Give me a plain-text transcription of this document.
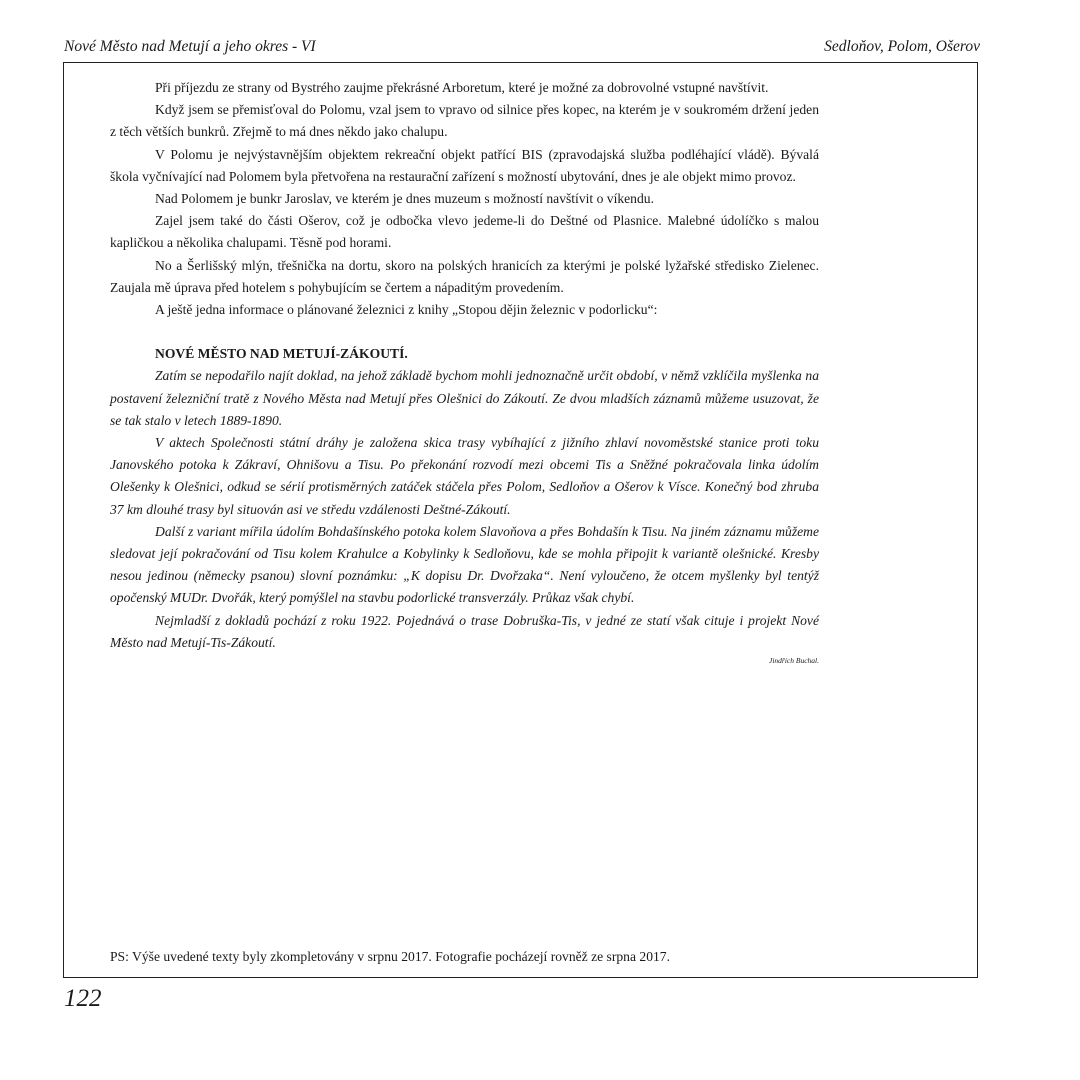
Nové Město nad Metují a jeho okres - VI	Sedloňov, Polom, Ošerov

Při příjezdu ze strany od Bystrého zaujme překrásné Arboretum, které je možné za dobrovolné vstupné navštívit.

Když jsem se přemisťoval do Polomu, vzal jsem to vpravo od silnice přes kopec, na kterém je v soukromém držení jeden z těch větších bunkrů. Zřejmě to má dnes někdo jako chalupu.

V Polomu je nejvýstavnějším objektem rekreační objekt patřící BIS (zpravodajská služba podléhající vládě). Bývalá škola vyčnívající nad Polomem byla přetvořena na restaurační zařízení s možností ubytování, dnes je ale objekt mimo provoz.

Nad Polomem je bunkr Jaroslav, ve kterém je dnes muzeum s možností navštívit o víkendu.

Zajel jsem také do části Ošerov, což je odbočka vlevo jedeme-li do Deštné od Plasnice. Malebné údolíčko s malou kapličkou a několika chalupami. Těsně pod horami.

No a Šerlišský mlýn, třešnička na dortu, skoro na polských hranicích za kterými je polské lyžařské středisko Zielenec. Zaujala mě úprava před hotelem s pohybujícím se čertem a nápaditým provedením.

A ještě jedna informace o plánované železnici z knihy „Stopou dějin železnic v podorlicku“:

NOVÉ MĚSTO NAD METUJÍ-ZÁKOUTÍ.

Zatím se nepodařilo najít doklad, na jehož základě bychom mohli jednoznačně určit období, v němž vzklíčila myšlenka na postavení železniční tratě z Nového Města nad Metují přes Olešnici do Zákoutí. Ze dvou mladších záznamů můžeme usuzovat, že se tak stalo v letech 1889-1890.

V aktech Společnosti státní dráhy je založena skica trasy vybíhající z jižního zhlaví novoměstské stanice proti toku Janovského potoka k Zákraví, Ohnišovu a Tisu. Po překonání rozvodí mezi obcemi Tis a Sněžné pokračovala linka údolím Olešenky k Olešnici, odkud se sérií protisměrných zatáček stáčela přes Polom, Sedloňov a Ošerov k Vísce. Konečný bod zhruba 37 km dlouhé trasy byl situován asi ve středu vzdálenosti Deštné-Zákoutí.

Další z variant mířila údolím Bohdašínského potoka kolem Slavoňova a přes Bohdašín k Tisu. Na jiném záznamu můžeme sledovat její pokračování od Tisu kolem Krahulce a Kobylinky k Sedloňovu, kde se mohla připojit k variantě olešnické. Kresby nesou jedinou (německy psanou) slovní poznámku: „K dopisu Dr. Dvořzaka“. Není vyloučeno, že otcem myšlenky byl tentýž opočenský MUDr. Dvořák, který pomýšlel na stavbu podorlické transverzály. Průkaz však chybí.

Nejmladší z dokladů pochází z roku 1922. Pojednává o trase Dobruška-Tis, v jedné ze statí však cituje i projekt Nové Město nad Metují-Tis-Zákoutí.

Jindřich Buchal.

PS: Výše uvedené texty byly zkompletovány v srpnu 2017. Fotografie pocházejí rovněž ze srpna 2017.
122
